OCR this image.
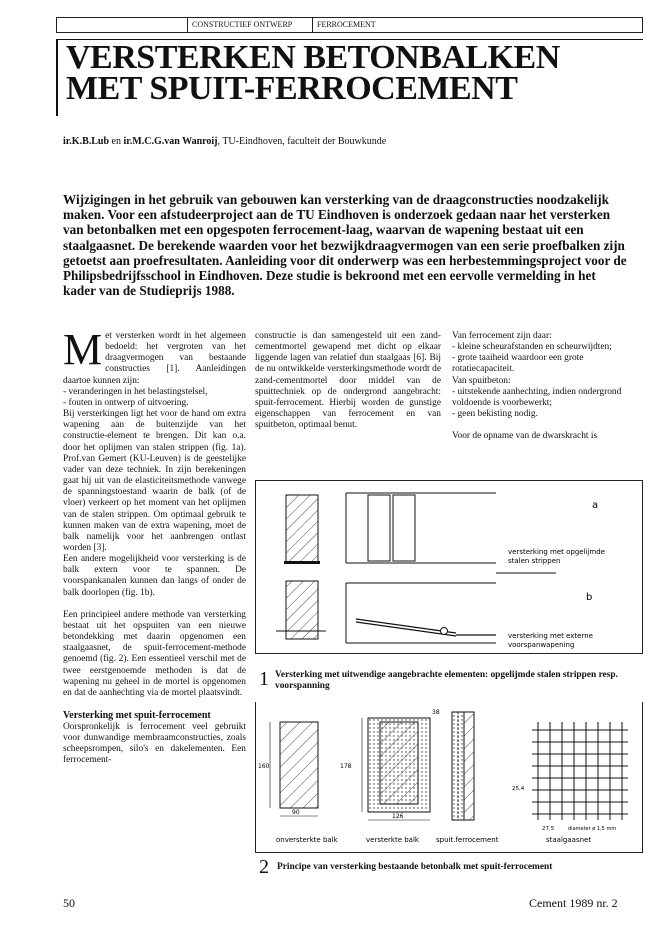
CONSTRUCTIEF ONTWERP	FERROCEMENT
VERSTERKEN BETONBALKEN
MET SPUIT-FERROCEMENT
ir.K.B.Lub en ir.M.C.G.van Wanroij, TU-Eindhoven, faculteit der Bouwkunde
Wijzigingen in het gebruik van gebouwen kan versterking van de draagconstructies noodzakelijk maken. Voor een afstudeerproject aan de TU Eindhoven is onderzoek gedaan naar het versterken van betonbalken met een opgespoten ferrocement-laag, waarvan de wapening bestaat uit een staalgaasnet. De berekende waarden voor het bezwijkdraagvermogen van een serie proefbalken zijn getoetst aan proefresultaten. Aanleiding voor dit onderwerp was een herbestemmingsproject voor de Philipsbedrijfsschool in Eindhoven. Deze studie is bekroond met een eervolle vermelding in het kader van de Studieprijs 1988.

Met versterken wordt in het algemeen bedoeld: het vergroten van het draagvermogen van bestaande constructies [1]. Aanleidingen daartoe kunnen zijn:

- veranderingen in het belastingstelsel,

- fouten in ontwerp of uitvoering.

Bij versterkingen ligt het voor de hand om extra wapening aan de buitenzijde van het constructie-element te brengen. Dit kan o.a. door het oplijmen van stalen strippen (fig. 1a). Prof.van Gemert (KU-Leuven) is de geestelijke vader van deze techniek. In zijn berekeningen gaat hij uit van de elasticiteitsmethode vanwege de spanningstoestand waarin de balk (of de vloer) verkeert op het moment van het oplijmen van de stalen strippen. Om optimaal gebruik te kunnen maken van de extra wapening, moet de balk namelijk voor het aanbrengen ontlast worden [3].

Een andere mogelijkheid voor versterking is de balk extern voor te spannen. De voorspankanalen kunnen dan langs of onder de balk doorlopen (fig. 1b).

Een principieel andere methode van versterking bestaat uit het opspuiten van een nieuwe betondekking met daarin opgenomen een staalgaasnet, de spuit-ferrocement-methode genoemd (fig. 2). Een essentieel verschil met de twee eerstgenoemde methoden is dat de wapening nu geheel in de mortel is opgenomen en dat de aanhechting via de mortel plaatsvindt.

Versterking met spuit-ferrocement

Oorspronkelijk is ferrocement veel gebruikt voor dunwandige membraamconstructies, zoals scheepsrompen, silo's en dakelementen. Een ferrocement-

constructie is dan samengesteld uit een zand-cementmortel gewapend met dicht op elkaar liggende lagen van relatief dun staalgaas [6]. Bij de nu ontwikkelde versterkingsmethode wordt de zand-cementmortel door middel van de spuittechniek op de ondergrond aangebracht: spuit-ferrocement. Hierbij worden de gunstige eigenschappen van ferrocement en van spuitbeton, optimaal benut.

Van ferrocement zijn daar:

- kleine scheurafstanden en scheurwijdten;

- grote taaiheid waardoor een grote rotatiecapaciteit.

Van spuitbeton:

- uitstekende aanhechting, indien ondergrond voldoende is voorbewerkt;

- geen bekisting nodig.

Voor de opname van de dwarskracht is

a
versterking met opgelijmde
stalen strippen
b
versterking met externe
voorspanwapening
1 Versterking met uitwendige aangebrachte elementen: opgelijmde stalen strippen resp. voorspanning
160
90
178
126
38
25,4
27,5	diameter ø 1,5 mm
onversterkte balk	versterkte balk spuit.ferrocement	staalgaasnet
2 Principe van versterking bestaande betonbalk met spuit-ferrocement
50	Cement 1989 nr. 2
